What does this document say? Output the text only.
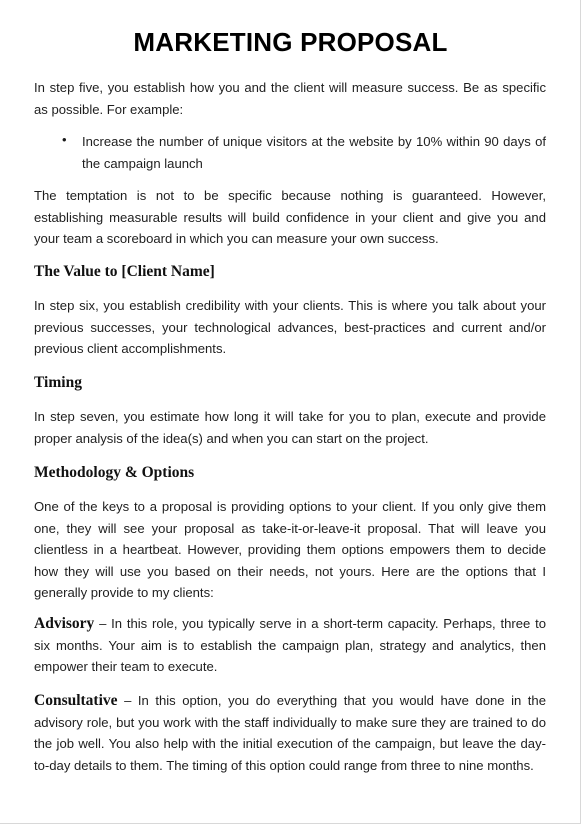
MARKETING PROPOSAL

In step five, you establish how you and the client will measure success. Be as specific as possible. For example:

• Increase the number of unique visitors at the website by 10% within 90 days of the campaign launch

The temptation is not to be specific because nothing is guaranteed. However, establishing measurable results will build confidence in your client and give you and your team a scoreboard in which you can measure your own success.

The Value to [Client Name]

In step six, you establish credibility with your clients. This is where you talk about your previous successes, your technological advances, best-practices and current and/or previous client accomplishments.

Timing

In step seven, you estimate how long it will take for you to plan, execute and provide proper analysis of the idea(s) and when you can start on the project.

Methodology & Options

One of the keys to a proposal is providing options to your client. If you only give them one, they will see your proposal as take-it-or-leave-it proposal. That will leave you clientless in a heartbeat. However, providing them options empowers them to decide how they will use you based on their needs, not yours. Here are the options that I generally provide to my clients:

Advisory – In this role, you typically serve in a short-term capacity. Perhaps, three to six months. Your aim is to establish the campaign plan, strategy and analytics, then empower their team to execute.

Consultative – In this option, you do everything that you would have done in the advisory role, but you work with the staff individually to make sure they are trained to do the job well. You also help with the initial execution of the campaign, but leave the day-to-day details to them. The timing of this option could range from three to nine months.
